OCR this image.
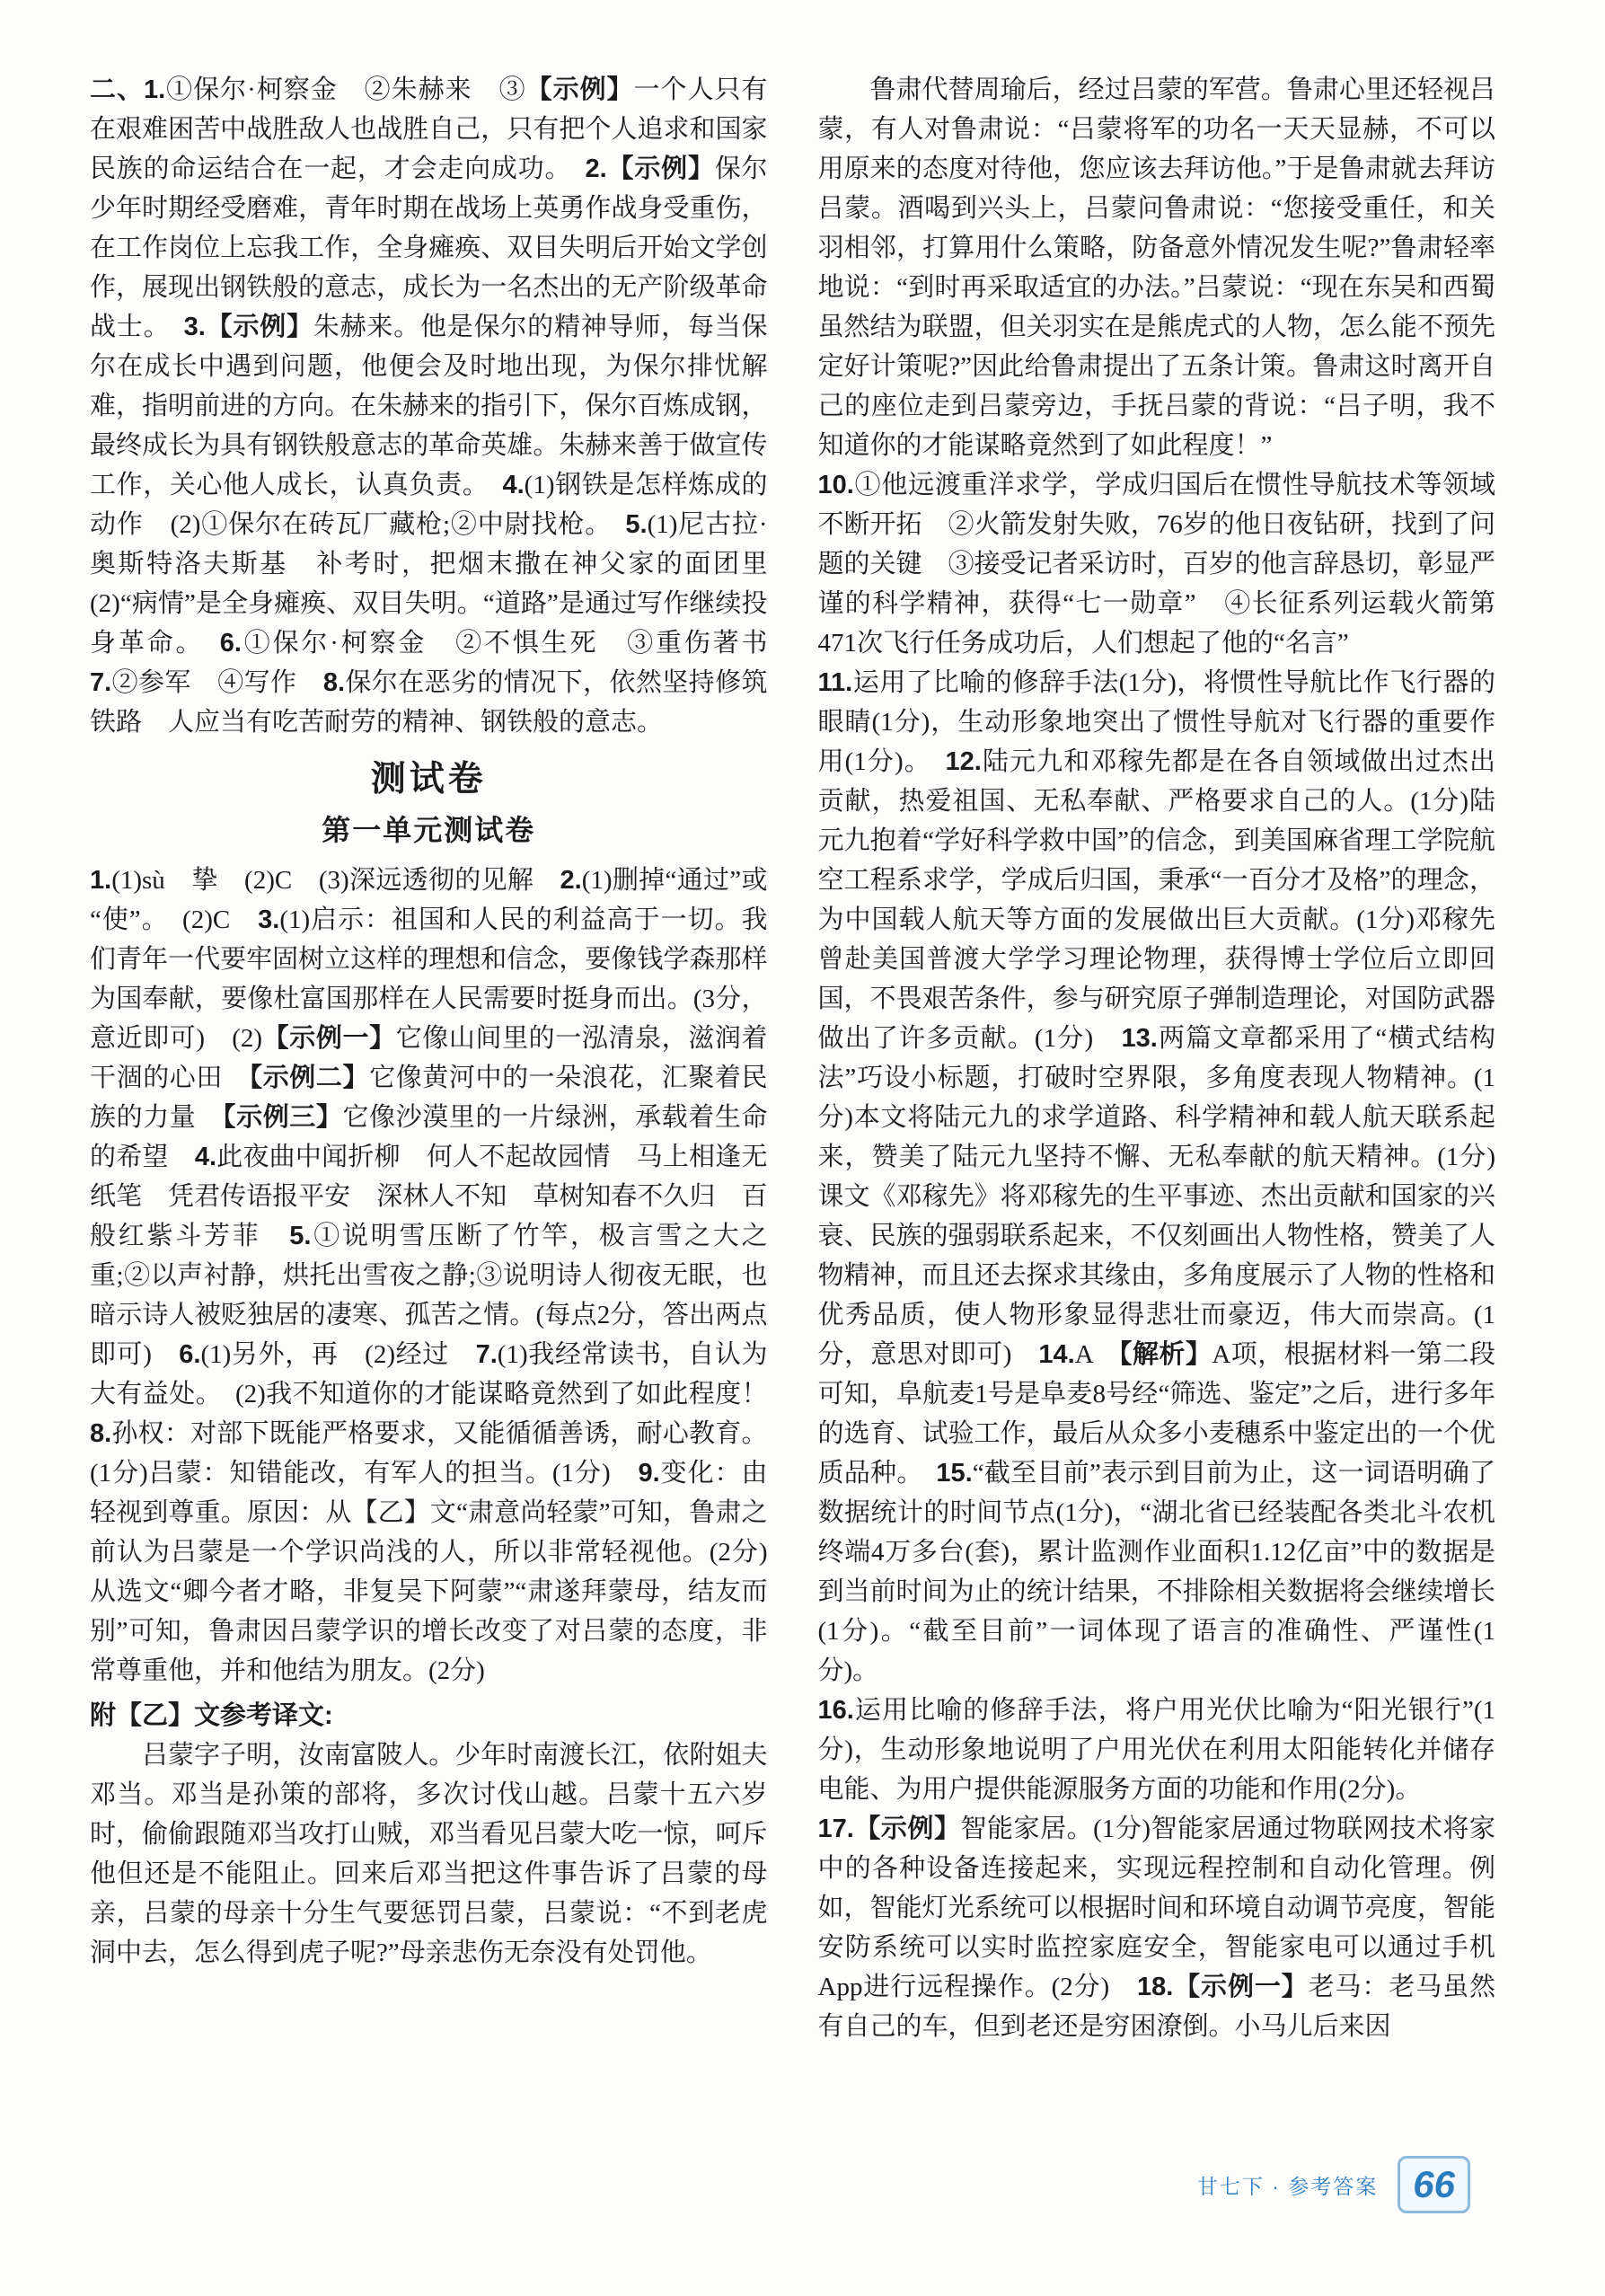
二、1.①保尔·柯察金　②朱赫来　③【示例】一个人只有在艰难困苦中战胜敌人也战胜自己，只有把个人追求和国家民族的命运结合在一起，才会走向成功。　2.【示例】保尔少年时期经受磨难，青年时期在战场上英勇作战身受重伤，在工作岗位上忘我工作，全身瘫痪、双目失明后开始文学创作，展现出钢铁般的意志，成长为一名杰出的无产阶级革命战士。　3.【示例】朱赫来。他是保尔的精神导师，每当保尔在成长中遇到问题，他便会及时地出现，为保尔排忧解难，指明前进的方向。在朱赫来的指引下，保尔百炼成钢，最终成长为具有钢铁般意志的革命英雄。朱赫来善于做宣传工作，关心他人成长，认真负责。　4.(1)钢铁是怎样炼成的　动作　(2)①保尔在砖瓦厂藏枪;②中尉找枪。　5.(1)尼古拉·奥斯特洛夫斯基　补考时，把烟末撒在神父家的面团里　(2)“病情”是全身瘫痪、双目失明。“道路”是通过写作继续投身革命。　6.①保尔·柯察金　②不惧生死　③重伤著书　7.②参军　④写作　8.保尔在恶劣的情况下，依然坚持修筑铁路　人应当有吃苦耐劳的精神、钢铁般的意志。
测试卷
第一单元测试卷
1.(1)sù　挚　(2)C　(3)深远透彻的见解　2.(1)删掉“通过”或“使”。　(2)C　3.(1)启示：祖国和人民的利益高于一切。我们青年一代要牢固树立这样的理想和信念，要像钱学森那样为国奉献，要像杜富国那样在人民需要时挺身而出。(3分，意近即可)　(2)【示例一】它像山间里的一泓清泉，滋润着干涸的心田　【示例二】它像黄河中的一朵浪花，汇聚着民族的力量　【示例三】它像沙漠里的一片绿洲，承载着生命的希望　4.此夜曲中闻折柳　何人不起故园情　马上相逢无纸笔　凭君传语报平安　深林人不知　草树知春不久归　百般红紫斗芳菲　5.①说明雪压断了竹竿，极言雪之大之重;②以声衬静，烘托出雪夜之静;③说明诗人彻夜无眠，也暗示诗人被贬独居的凄寒、孤苦之情。(每点2分，答出两点即可)　6.(1)另外，再　(2)经过　7.(1)我经常读书，自认为大有益处。　(2)我不知道你的才能谋略竟然到了如此程度！　8.孙权：对部下既能严格要求，又能循循善诱，耐心教育。(1分)吕蒙：知错能改，有军人的担当。(1分)　9.变化：由轻视到尊重。原因：从【乙】文“肃意尚轻蒙”可知，鲁肃之前认为吕蒙是一个学识尚浅的人，所以非常轻视他。(2分)从选文“卿今者才略，非复吴下阿蒙”“肃遂拜蒙母，结友而别”可知，鲁肃因吕蒙学识的增长改变了对吕蒙的态度，非常尊重他，并和他结为朋友。(2分)
附【乙】文参考译文:
吕蒙字子明，汝南富陂人。少年时南渡长江，依附姐夫邓当。邓当是孙策的部将，多次讨伐山越。吕蒙十五六岁时，偷偷跟随邓当攻打山贼，邓当看见吕蒙大吃一惊，呵斥他但还是不能阻止。回来后邓当把这件事告诉了吕蒙的母亲，吕蒙的母亲十分生气要惩罚吕蒙，吕蒙说：“不到老虎洞中去，怎么得到虎子呢?”母亲悲伤无奈没有处罚他。
鲁肃代替周瑜后，经过吕蒙的军营。鲁肃心里还轻视吕蒙，有人对鲁肃说：“吕蒙将军的功名一天天显赫，不可以用原来的态度对待他，您应该去拜访他。”于是鲁肃就去拜访吕蒙。酒喝到兴头上，吕蒙问鲁肃说：“您接受重任，和关羽相邻，打算用什么策略，防备意外情况发生呢?”鲁肃轻率地说：“到时再采取适宜的办法。”吕蒙说：“现在东吴和西蜀虽然结为联盟，但关羽实在是熊虎式的人物，怎么能不预先定好计策呢?”因此给鲁肃提出了五条计策。鲁肃这时离开自己的座位走到吕蒙旁边，手抚吕蒙的背说：“吕子明，我不知道你的才能谋略竟然到了如此程度！”
10.①他远渡重洋求学，学成归国后在惯性导航技术等领域不断开拓　②火箭发射失败，76岁的他日夜钻研，找到了问题的关键　③接受记者采访时，百岁的他言辞恳切，彰显严谨的科学精神，获得“七一勋章”　④长征系列运载火箭第471次飞行任务成功后，人们想起了他的“名言”
11.运用了比喻的修辞手法(1分)，将惯性导航比作飞行器的眼睛(1分)，生动形象地突出了惯性导航对飞行器的重要作用(1分)。　12.陆元九和邓稼先都是在各自领域做出过杰出贡献，热爱祖国、无私奉献、严格要求自己的人。(1分)陆元九抱着“学好科学救中国”的信念，到美国麻省理工学院航空工程系求学，学成后归国，秉承“一百分才及格”的理念，为中国载人航天等方面的发展做出巨大贡献。(1分)邓稼先曾赴美国普渡大学学习理论物理，获得博士学位后立即回国，不畏艰苦条件，参与研究原子弹制造理论，对国防武器做出了许多贡献。(1分)　13.两篇文章都采用了“横式结构法”巧设小标题，打破时空界限，多角度表现人物精神。(1分)本文将陆元九的求学道路、科学精神和载人航天联系起来，赞美了陆元九坚持不懈、无私奉献的航天精神。(1分)课文《邓稼先》将邓稼先的生平事迹、杰出贡献和国家的兴衰、民族的强弱联系起来，不仅刻画出人物性格，赞美了人物精神，而且还去探求其缘由，多角度展示了人物的性格和优秀品质，使人物形象显得悲壮而豪迈，伟大而崇高。(1分，意思对即可)　14.A　【解析】A项，根据材料一第二段可知，阜航麦1号是阜麦8号经“筛选、鉴定”之后，进行多年的选育、试验工作，最后从众多小麦穗系中鉴定出的一个优质品种。　15.“截至目前”表示到目前为止，这一词语明确了数据统计的时间节点(1分)，“湖北省已经装配各类北斗农机终端4万多台(套)，累计监测作业面积1.12亿亩”中的数据是到当前时间为止的统计结果，不排除相关数据将会继续增长(1分)。“截至目前”一词体现了语言的准确性、严谨性(1分)。
16.运用比喻的修辞手法，将户用光伏比喻为“阳光银行”(1分)，生动形象地说明了户用光伏在利用太阳能转化并储存电能、为用户提供能源服务方面的功能和作用(2分)。
17.【示例】智能家居。(1分)智能家居通过物联网技术将家中的各种设备连接起来，实现远程控制和自动化管理。例如，智能灯光系统可以根据时间和环境自动调节亮度，智能安防系统可以实时监控家庭安全，智能家电可以通过手机App进行远程操作。(2分)　18.【示例一】老马：老马虽然有自己的车，但到老还是穷困潦倒。小马儿后来因
甘七下 · 参考答案 66
